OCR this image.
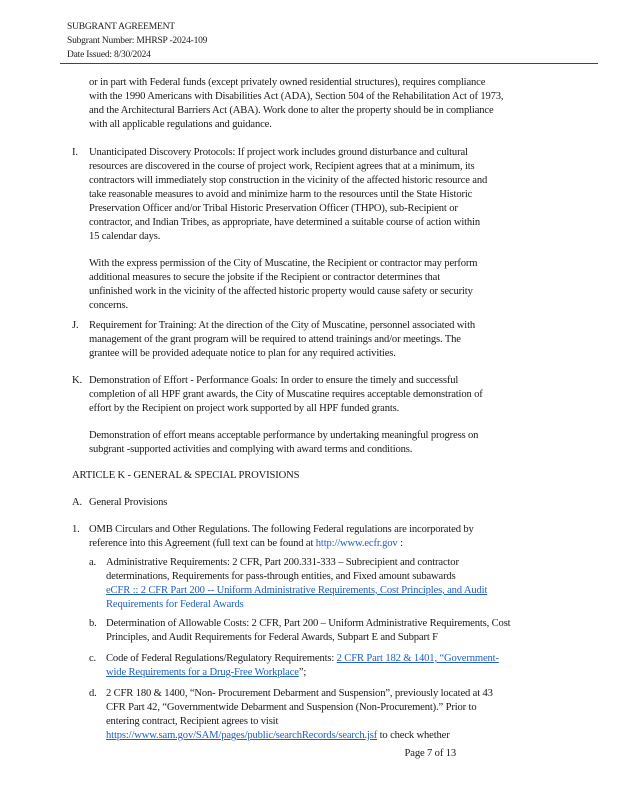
SUBGRANT AGREEMENT
Subgrant Number: MHRSP -2024-109
Date Issued: 8/30/2024
or in part with Federal funds (except privately owned residential structures), requires compliance
with the 1990 Americans with Disabilities Act (ADA), Section 504 of the Rehabilitation Act of 1973,
and the Architectural Barriers Act (ABA). Work done to alter the property should be in compliance
with all applicable regulations and guidance.
I. Unanticipated Discovery Protocols: If project work includes ground disturbance and cultural
resources are discovered in the course of project work, Recipient agrees that at a minimum, its
contractors will immediately stop construction in the vicinity of the affected historic resource and
take reasonable measures to avoid and minimize harm to the resources until the State Historic
Preservation Officer and/or Tribal Historic Preservation Officer (THPO), sub-Recipient or
contractor, and Indian Tribes, as appropriate, have determined a suitable course of action within
15 calendar days.
With the express permission of the City of Muscatine, the Recipient or contractor may perform
additional measures to secure the jobsite if the Recipient or contractor determines that
unfinished work in the vicinity of the affected historic property would cause safety or security
concerns.
J. Requirement for Training: At the direction of the City of Muscatine, personnel associated with
management of the grant program will be required to attend trainings and/or meetings. The
grantee will be provided adequate notice to plan for any required activities.
K. Demonstration of Effort - Performance Goals: In order to ensure the timely and successful
completion of all HPF grant awards, the City of Muscatine requires acceptable demonstration of
effort by the Recipient on project work supported by all HPF funded grants.
Demonstration of effort means acceptable performance by undertaking meaningful progress on
subgrant -supported activities and complying with award terms and conditions.
ARTICLE K - GENERAL & SPECIAL PROVISIONS
A. General Provisions
1. OMB Circulars and Other Regulations. The following Federal regulations are incorporated by
reference into this Agreement (full text can be found at http://www.ecfr.gov :
a. Administrative Requirements: 2 CFR, Part 200.331-333 – Subrecipient and contractor
determinations, Requirements for pass-through entities, and Fixed amount subawards
eCFR :: 2 CFR Part 200 -- Uniform Administrative Requirements, Cost Principles, and Audit
Requirements for Federal Awards
b. Determination of Allowable Costs: 2 CFR, Part 200 – Uniform Administrative Requirements, Cost
Principles, and Audit Requirements for Federal Awards, Subpart E and Subpart F
c. Code of Federal Regulations/Regulatory Requirements: 2 CFR Part 182 & 1401, “Government-
wide Requirements for a Drug-Free Workplace”;
d. 2 CFR 180 & 1400, “Non- Procurement Debarment and Suspension”, previously located at 43
CFR Part 42, “Governmentwide Debarment and Suspension (Non-Procurement).” Prior to
entering contract, Recipient agrees to visit
https://www.sam.gov/SAM/pages/public/searchRecords/search.jsf to check whether
Page 7 of 13
